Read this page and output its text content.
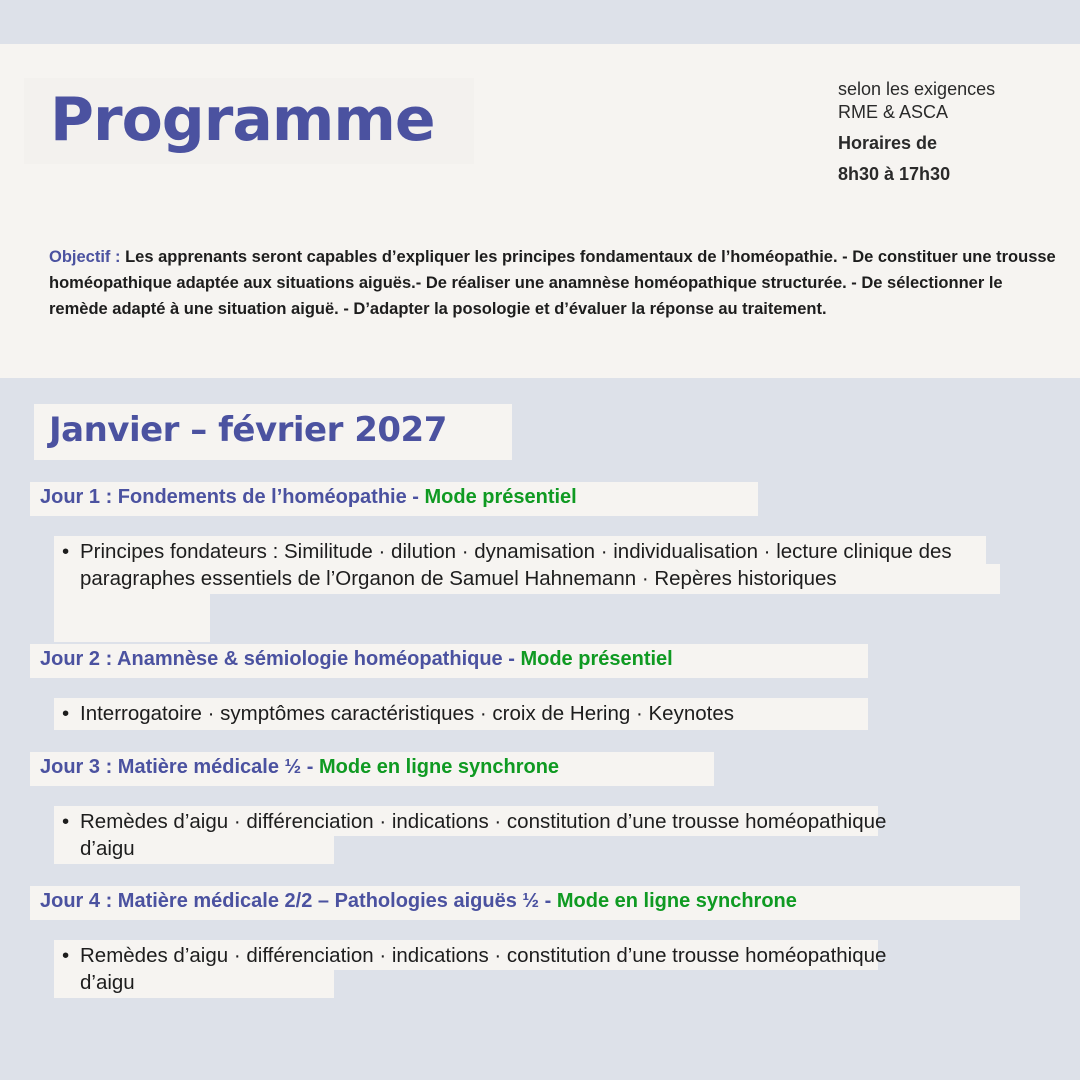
Programme	selon les exigences
RME & ASCA
Horaires de
8h30 à 17h30
Objectif : Les apprenants seront capables d’expliquer les principes fondamentaux de l’homéopathie. - De constituer une trousse homéopathique adaptée aux situations aiguës.- De réaliser une anamnèse homéopathique structurée. - De sélectionner le remède adapté à une situation aiguë. - D’adapter la posologie et d’évaluer la réponse au traitement.
Janvier – février 2027
Jour 1 : Fondements de l’homéopathie - Mode présentiel
• Principes fondateurs : Similitude · dilution · dynamisation · individualisation · lecture clinique des paragraphes essentiels de l’Organon de Samuel Hahnemann · Repères historiques
Jour 2 : Anamnèse & sémiologie homéopathique - Mode présentiel
• Interrogatoire · symptômes caractéristiques · croix de Hering · Keynotes
Jour 3 : Matière médicale ½ - Mode en ligne synchrone
• Remèdes d’aigu · différenciation · indications · constitution d’une trousse homéopathique d’aigu
Jour 4 : Matière médicale 2/2 – Pathologies aiguës ½ - Mode en ligne synchrone
• Remèdes d’aigu · différenciation · indications · constitution d’une trousse homéopathique d’aigu
